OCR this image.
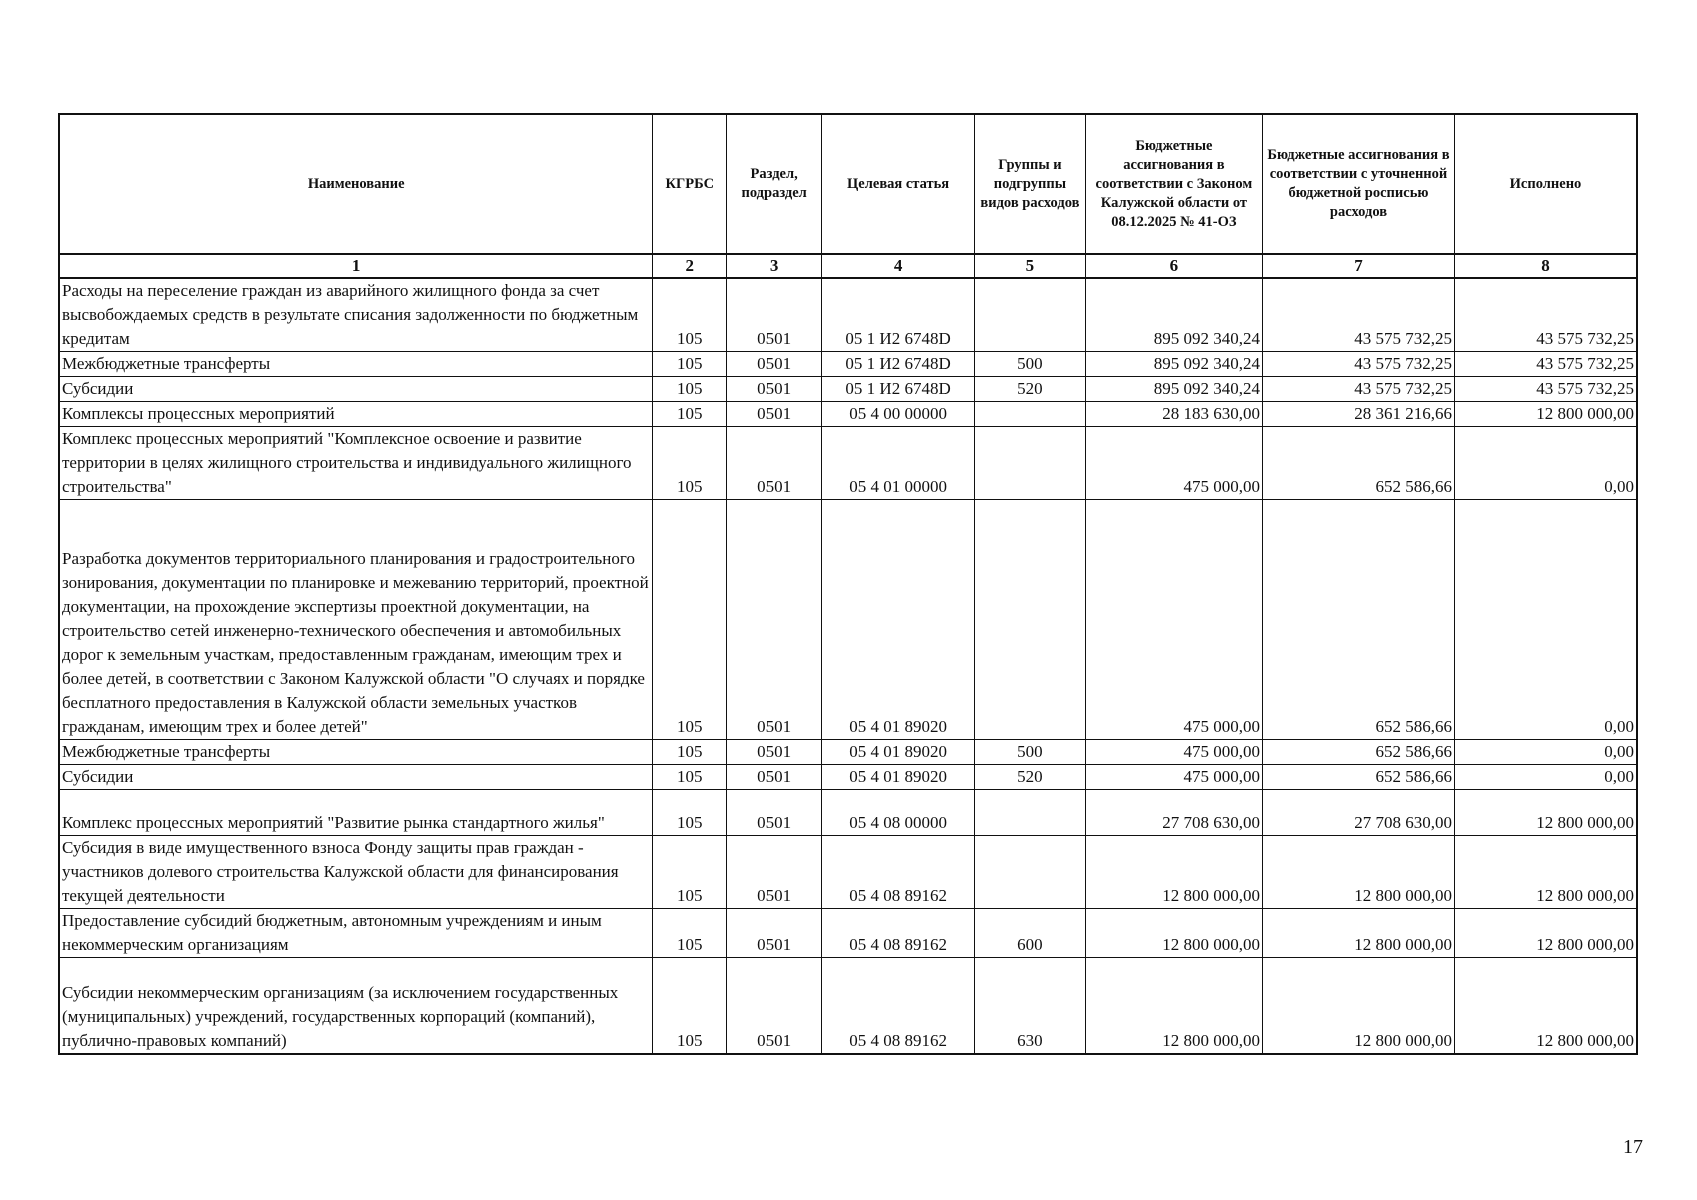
Наименование	КГРБС	Раздел, подраздел	Целевая статья	Группы и подгруппы видов расходов	Бюджетные ассигнования в соответствии с Законом Калужской области от 08.12.2025 № 41-ОЗ	Бюджетные ассигнования в соответствии с уточненной бюджетной росписью расходов	Исполнено
1	2	3	4	5	6	7	8
Расходы на переселение граждан из аварийного жилищного фонда за счет высвобождаемых средств в результате списания задолженности по бюджетным кредитам	105	0501	05 1 И2 6748D		895 092 340,24	43 575 732,25	43 575 732,25
Межбюджетные трансферты	105	0501	05 1 И2 6748D	500	895 092 340,24	43 575 732,25	43 575 732,25
Субсидии	105	0501	05 1 И2 6748D	520	895 092 340,24	43 575 732,25	43 575 732,25
Комплексы процессных мероприятий	105	0501	05 4 00 00000		28 183 630,00	28 361 216,66	12 800 000,00
Комплекс процессных мероприятий "Комплексное освоение и развитие территории в целях жилищного строительства и индивидуального жилищного строительства"	105	0501	05 4 01 00000		475 000,00	652 586,66	0,00
Разработка документов территориального планирования и градостроительного зонирования, документации по планировке и межеванию территорий, проектной документации, на прохождение экспертизы проектной документации, на строительство сетей инженерно-технического обеспечения и автомобильных дорог к земельным участкам, предоставленным гражданам, имеющим трех и более детей, в соответствии с Законом Калужской области "О случаях и порядке бесплатного предоставления в Калужской области земельных участков гражданам, имеющим трех и более детей"	105	0501	05 4 01 89020		475 000,00	652 586,66	0,00
Межбюджетные трансферты	105	0501	05 4 01 89020	500	475 000,00	652 586,66	0,00
Субсидии	105	0501	05 4 01 89020	520	475 000,00	652 586,66	0,00
Комплекс процессных мероприятий "Развитие рынка стандартного жилья"	105	0501	05 4 08 00000		27 708 630,00	27 708 630,00	12 800 000,00
Субсидия в виде имущественного взноса Фонду защиты прав граждан - участников долевого строительства Калужской области для финансирования текущей деятельности	105	0501	05 4 08 89162		12 800 000,00	12 800 000,00	12 800 000,00
Предоставление субсидий бюджетным, автономным учреждениям и иным некоммерческим организациям	105	0501	05 4 08 89162	600	12 800 000,00	12 800 000,00	12 800 000,00
Субсидии некоммерческим организациям (за исключением государственных (муниципальных) учреждений, государственных корпораций (компаний), публично-правовых компаний)	105	0501	05 4 08 89162	630	12 800 000,00	12 800 000,00	12 800 000,00
17
